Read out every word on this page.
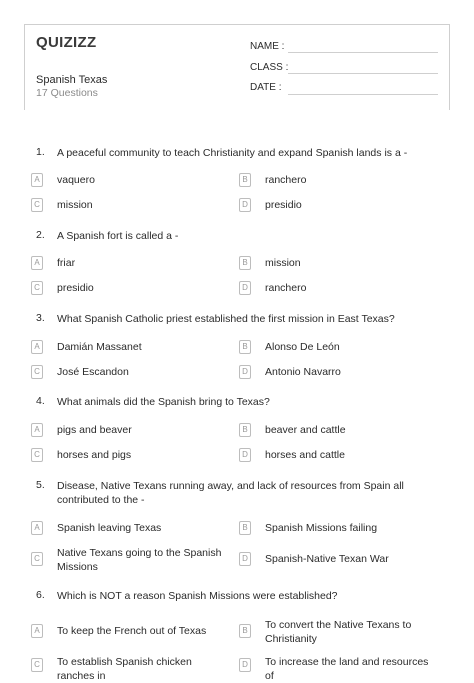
QUIZIZZ
Spanish Texas
17 Questions
NAME :
CLASS :
DATE :
1. A peaceful community to teach Christianity and expand Spanish lands is a -
A	vaquero	B	ranchero
C mission	D presidio
2. A Spanish fort is called a -
A	friar	B	mission
C presidio	D ranchero
3. What Spanish Catholic priest established the first mission in East Texas?
A	Damián Massanet	B	Alonso De León
C José Escandon	D Antonio Navarro
4. What animals did the Spanish bring to Texas?
A	pigs and beaver	B	beaver and cattle
C horses and pigs	D horses and cattle
5. Disease, Native Texans running away, and lack of resources from Spain all contributed to the -
A	Spanish leaving Texas	B	Spanish Missions failing
C Native Texans going to the Spanish Missions
D Spanish-Native Texan War
6. Which is NOT a reason Spanish Missions were established?
A	To keep the French out of Texas	B	To convert the Native Texans to Christianity
C To establish Spanish chicken ranches in
D To increase the land and resources of
